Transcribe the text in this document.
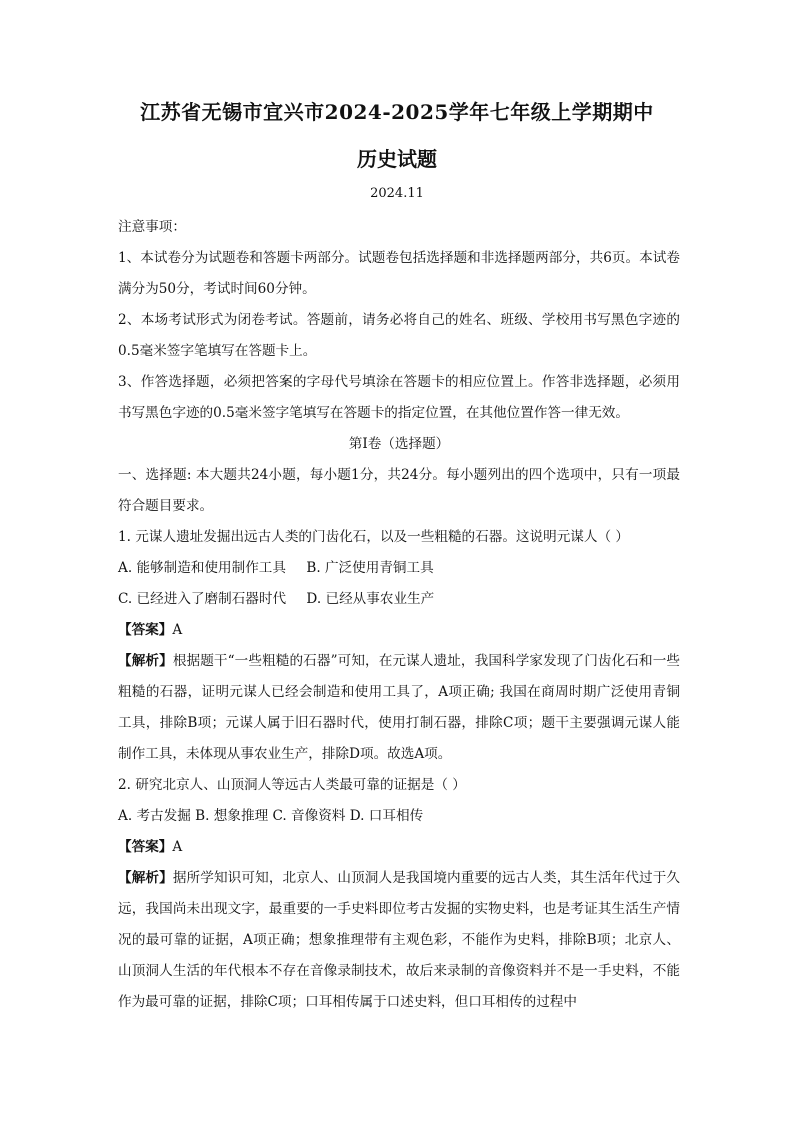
江苏省无锡市宜兴市2024-2025学年七年级上学期期中
历史试题
2024.11

注意事项：

1、本试卷分为试题卷和答题卡两部分。试题卷包括选择题和非选择题两部分，共6页。本试卷满分为50分，考试时间60分钟。

2、本场考试形式为闭卷考试。答题前，请务必将自己的姓名、班级、学校用书写黑色字迹的0.5毫米签字笔填写在答题卡上。

3、作答选择题，必须把答案的字母代号填涂在答题卡的相应位置上。作答非选择题，必须用书写黑色字迹的0.5毫米签字笔填写在答题卡的指定位置，在其他位置作答一律无效。

第Ⅰ卷（选择题）

一、选择题: 本大题共24小题，每小题1分，共24分。每小题列出的四个选项中，只有一项最符合题目要求。

1. 元谋人遗址发掘出远古人类的门齿化石，以及一些粗糙的石器。这说明元谋人（ ）

A. 能够制造和使用制作工具 B. 广泛使用青铜工具

C. 已经进入了磨制石器时代 D. 已经从事农业生产

【答案】A

【解析】根据题干“一些粗糙的石器”可知，在元谋人遗址，我国科学家发现了门齿化石和一些粗糙的石器，证明元谋人已经会制造和使用工具了，A项正确; 我国在商周时期广泛使用青铜工具，排除B项；元谋人属于旧石器时代，使用打制石器，排除C项；题干主要强调元谋人能制作工具，未体现从事农业生产，排除D项。故选A项。

2. 研究北京人、山顶洞人等远古人类最可靠的证据是（ ）

A. 考古发掘 B. 想象推理 C. 音像资料 D. 口耳相传

【答案】A

【解析】据所学知识可知，北京人、山顶洞人是我国境内重要的远古人类，其生活年代过于久远，我国尚未出现文字，最重要的一手史料即位考古发掘的实物史料，也是考证其生活生产情况的最可靠的证据，A项正确；想象推理带有主观色彩，不能作为史料，排除B项；北京人、山顶洞人生活的年代根本不存在音像录制技术，故后来录制的音像资料并不是一手史料，不能作为最可靠的证据，排除C项；口耳相传属于口述史料，但口耳相传的过程中
